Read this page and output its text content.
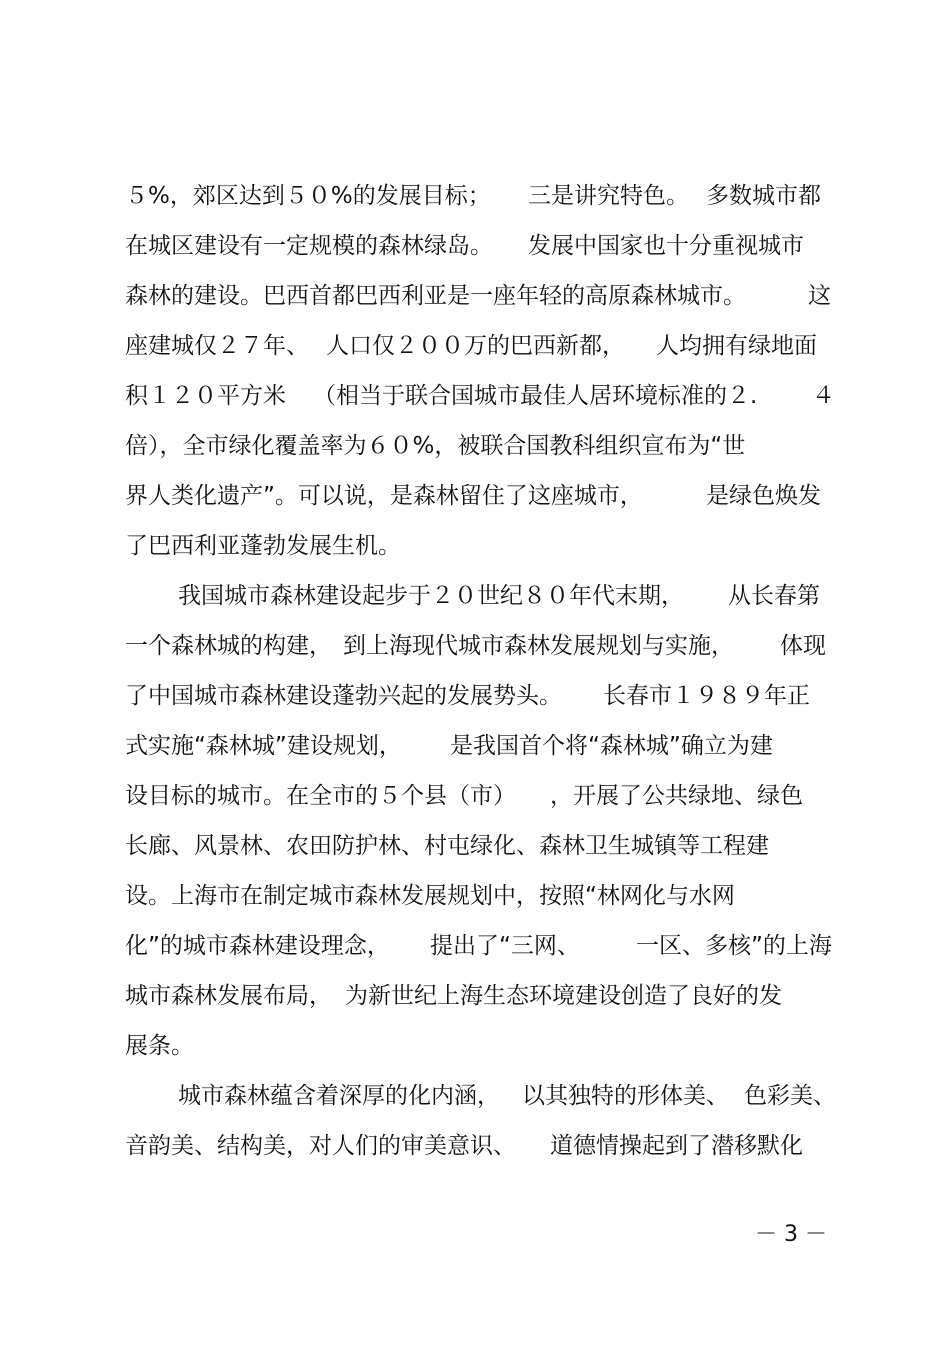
５%，郊区达到５０%的发展目标； 三是讲究特色。 多数城市都
在城区建设有一定规模的森林绿岛。 发展中国家也十分重视城市
森林的建设。巴西首都巴西利亚是一座年轻的高原森林城市。	这
座建城仅２７年、 人口仅２００万的巴西新都， 人均拥有绿地面
积１２０平方米 （相当于联合国城市最佳人居环境标准的２. ４
倍），全市绿化覆盖率为６０%，被联合国教科组织宣布为“世
界人类化遗产”。可以说，是森林留住了这座城市，	是绿色焕发
了巴西利亚蓬勃发展生机。
我国城市森林建设起步于２０世纪８０年代末期， 从长春第
一个森林城的构建， 到上海现代城市森林发展规划与实施， 体现
了中国城市森林建设蓬勃兴起的发展势头。 长春市１９８９年正
式实施“森林城”建设规划， 是我国首个将“森林城”确立为建
设目标的城市。在全市的５个县（市） ，开展了公共绿地、绿色
长廊、风景林、农田防护林、村屯绿化、森林卫生城镇等工程建
设。上海市在制定城市森林发展规划中，按照“林网化与水网
化”的城市森林建设理念， 提出了“三网、 一区、多核”的上海
城市森林发展布局， 为新世纪上海生态环境建设创造了良好的发
展条。
城市森林蕴含着深厚的化内涵， 以其独特的形体美、 色彩美、
音韵美、结构美，对人们的审美意识、 道德情操起到了潜移默化
－ 3 －
